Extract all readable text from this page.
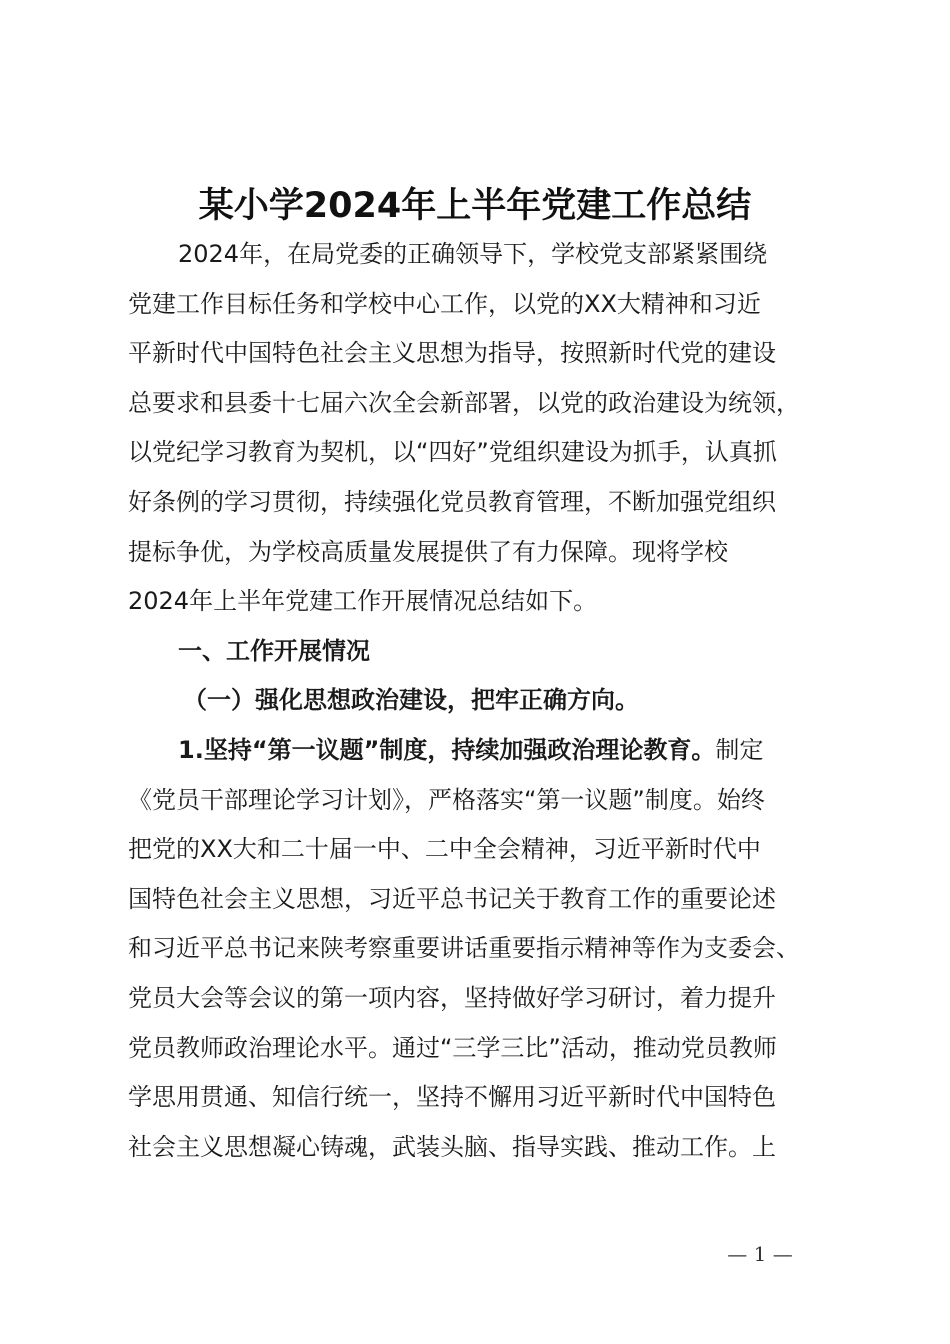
某小学2024年上半年党建工作总结
2024年，在局党委的正确领导下，学校党支部紧紧围绕
党建工作目标任务和学校中心工作，以党的XX大精神和习近
平新时代中国特色社会主义思想为指导，按照新时代党的建设
总要求和县委十七届六次全会新部署，以党的政治建设为统领，
以党纪学习教育为契机，以“四好”党组织建设为抓手，认真抓
好条例的学习贯彻，持续强化党员教育管理，不断加强党组织
提标争优，为学校高质量发展提供了有力保障。现将学校
2024年上半年党建工作开展情况总结如下。
一、工作开展情况
（一）强化思想政治建设，把牢正确方向。
1.坚持“第一议题”制度，持续加强政治理论教育。制定
《党员干部理论学习计划》，严格落实“第一议题”制度。始终
把党的XX大和二十届一中、二中全会精神，习近平新时代中
国特色社会主义思想，习近平总书记关于教育工作的重要论述
和习近平总书记来陕考察重要讲话重要指示精神等作为支委会、
党员大会等会议的第一项内容，坚持做好学习研讨，着力提升
党员教师政治理论水平。通过“三学三比”活动，推动党员教师
学思用贯通、知信行统一，坚持不懈用习近平新时代中国特色
社会主义思想凝心铸魂，武装头脑、指导实践、推动工作。上
— 1 —
